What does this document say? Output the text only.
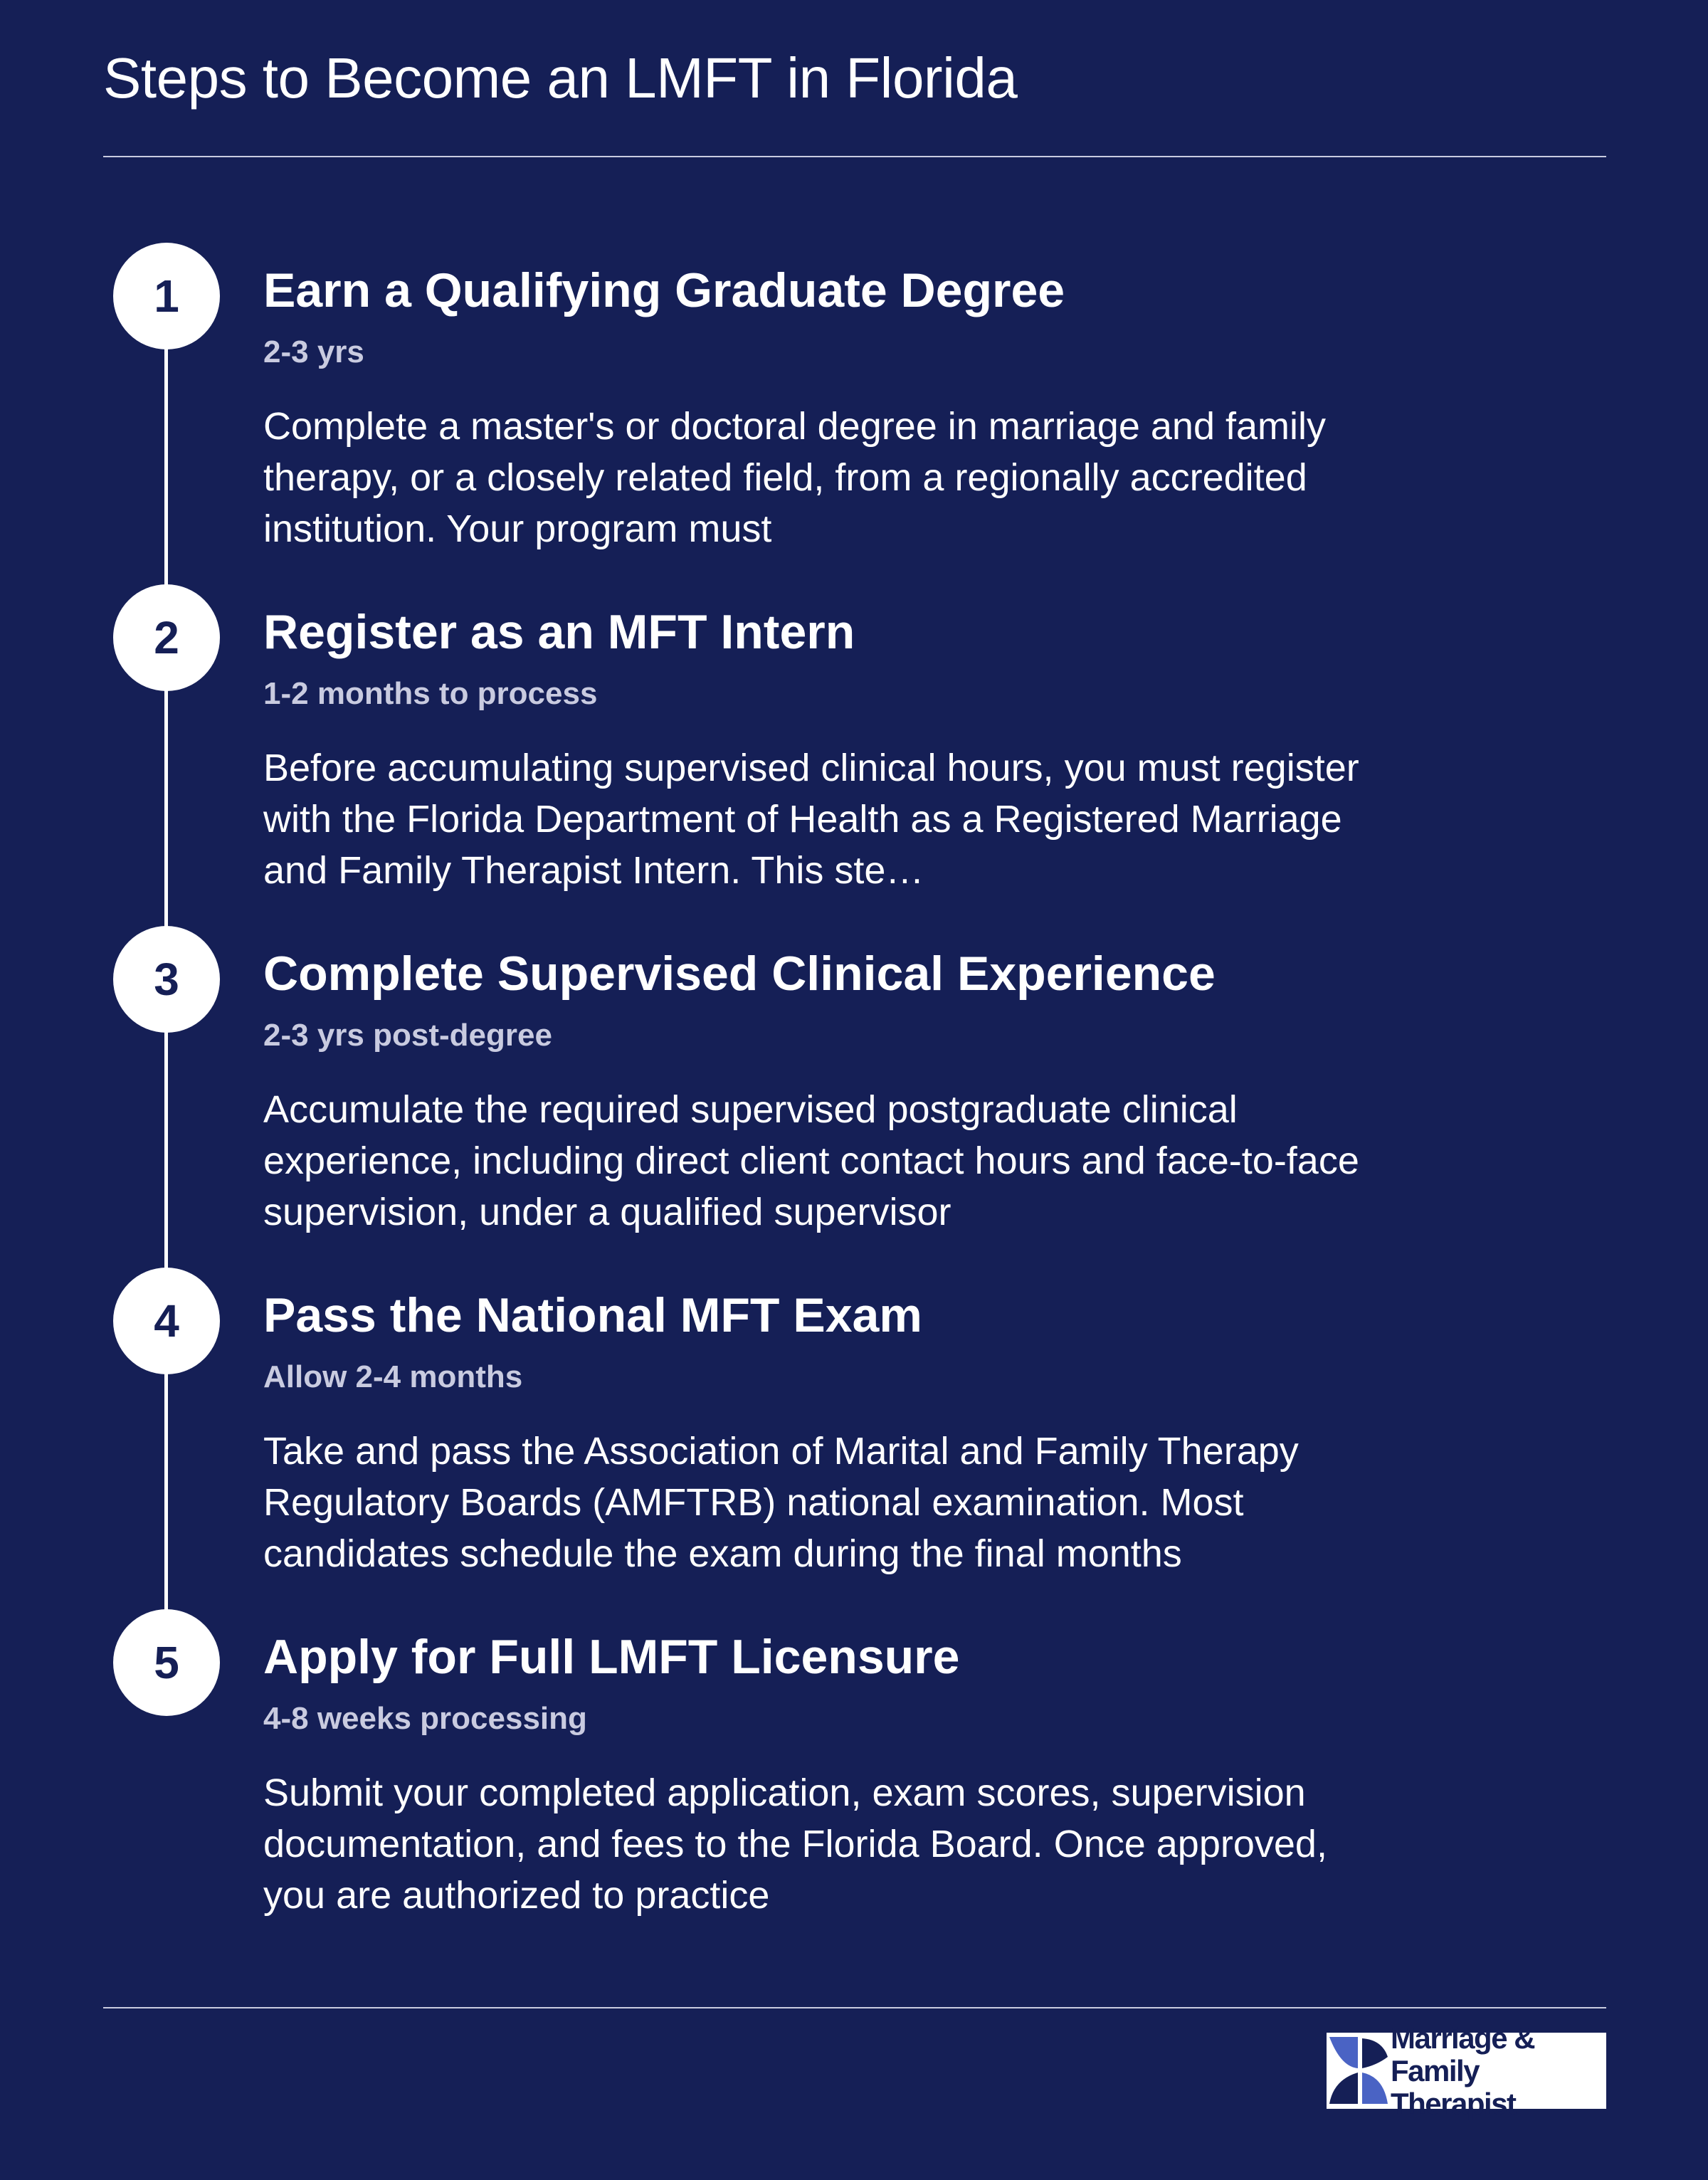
Steps to Become an LMFT in Florida
1	Earn a Qualifying Graduate Degree
2-3 yrs

Complete a master's or doctoral degree in marriage and family therapy, or a closely related field, from a regionally accredited institution. Your program must

2	Register as an MFT Intern
1-2 months to process

Before accumulating supervised clinical hours, you must register with the Florida Department of Health as a Registered Marriage and Family Therapist Intern. This ste…

3	Complete Supervised Clinical Experience
2-3 yrs post-degree

Accumulate the required supervised postgraduate clinical experience, including direct client contact hours and face-to-face supervision, under a qualified supervisor

4	Pass the National MFT Exam
Allow 2-4 months

Take and pass the Association of Marital and Family Therapy Regulatory Boards (AMFTRB) national examination. Most candidates schedule the exam during the final months

5	Apply for Full LMFT Licensure
4-8 weeks processing

Submit your completed application, exam scores, supervision documentation, and fees to the Florida Board. Once approved, you are authorized to practice

Marriage & Family
Therapist
